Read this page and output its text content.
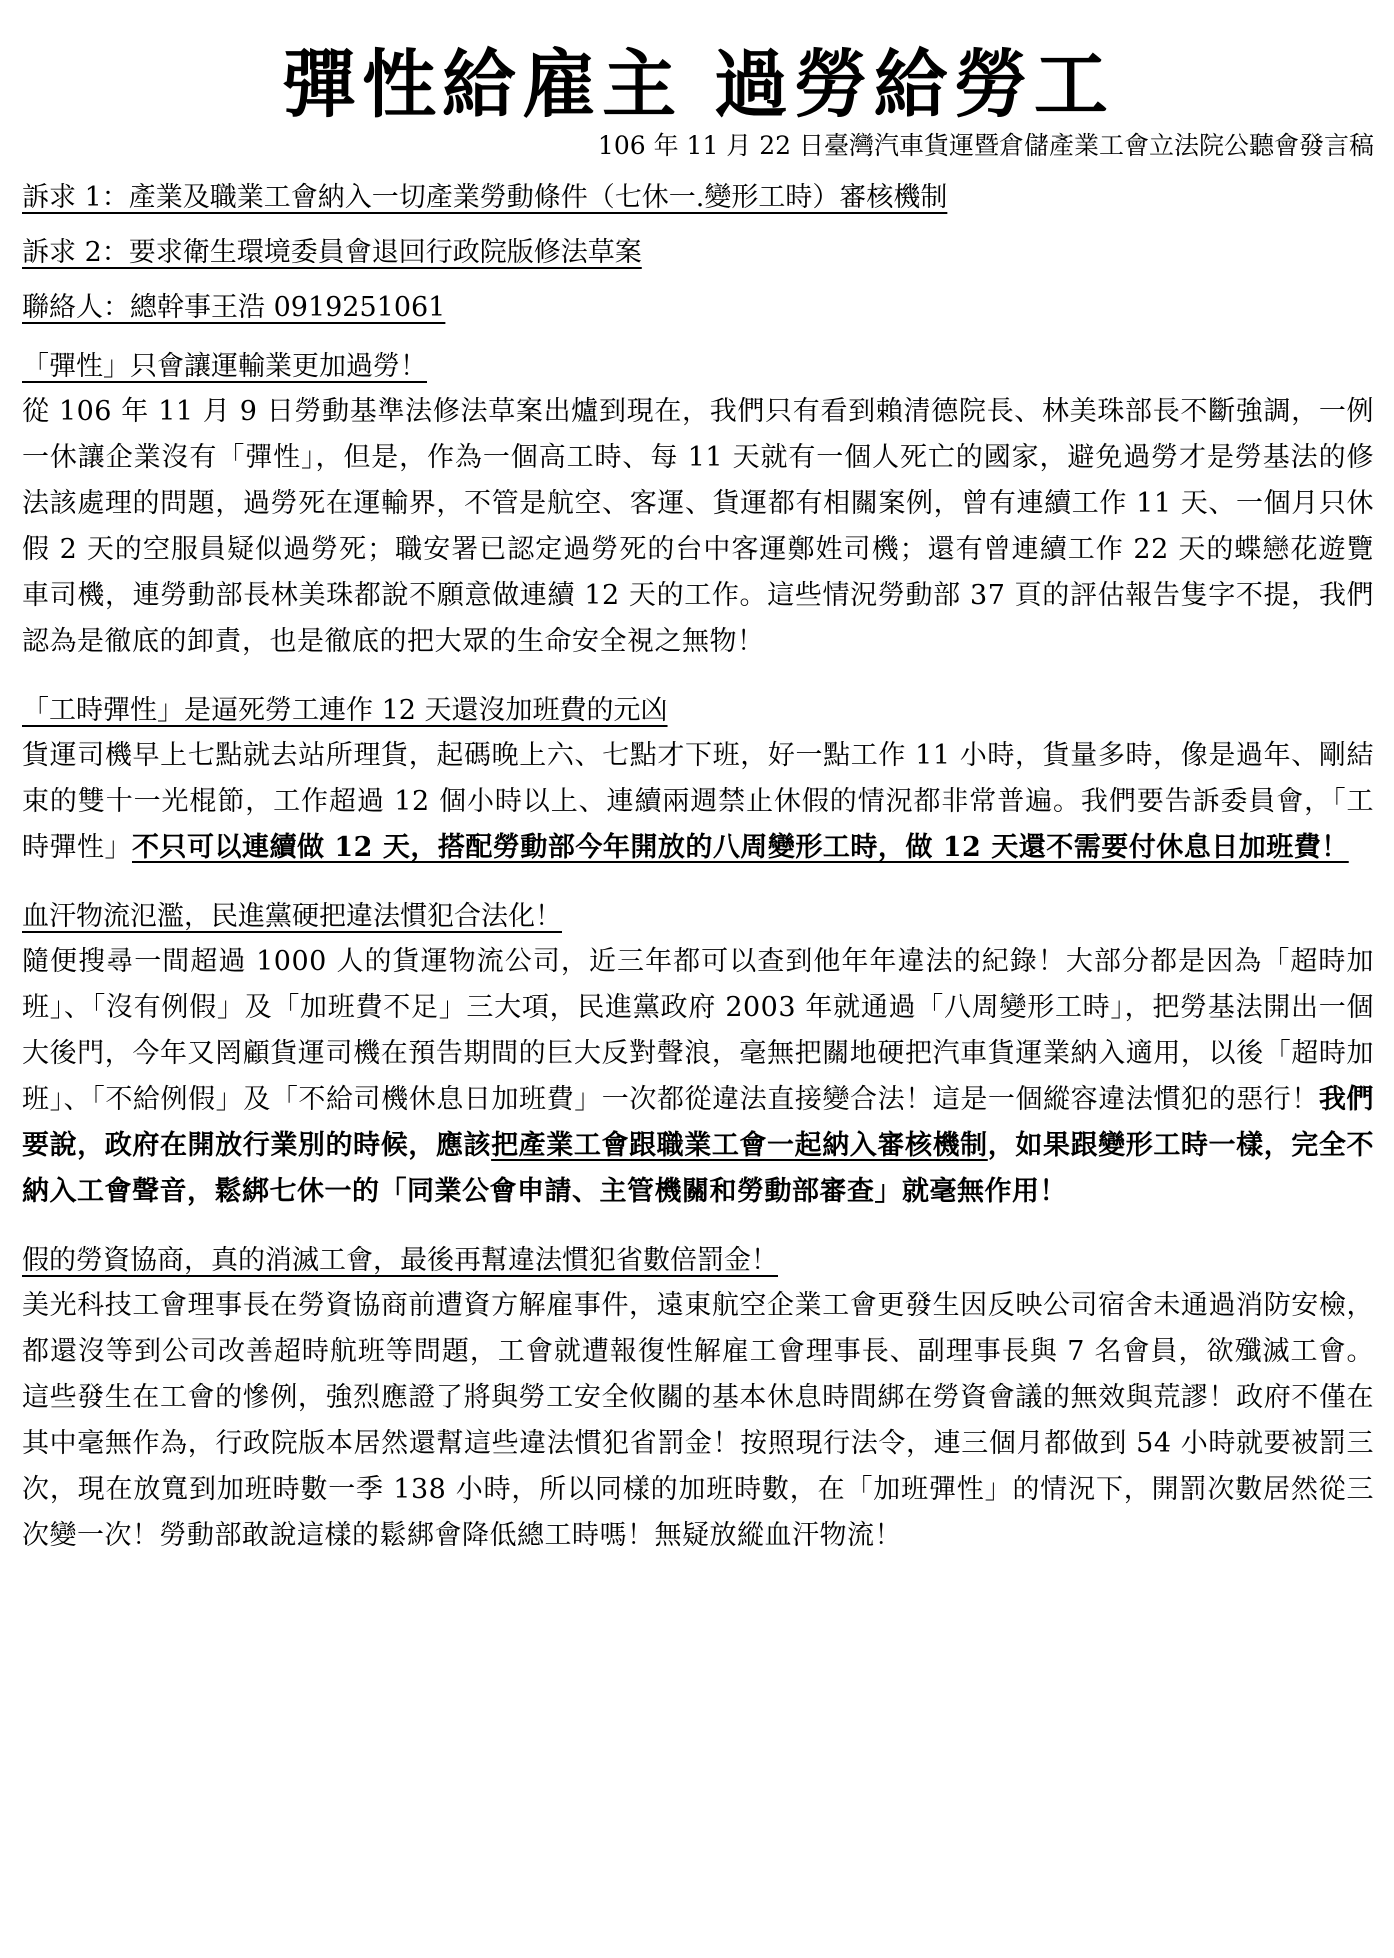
彈性給雇主 過勞給勞工
106 年 11 月 22 日臺灣汽車貨運暨倉儲產業工會立法院公聽會發言稿
訴求 1：產業及職業工會納入一切產業勞動條件（七休一.變形工時）審核機制
訴求 2：要求衛生環境委員會退回行政院版修法草案
聯絡人：總幹事王浩 0919251061
「彈性」只會讓運輸業更加過勞！

從 106 年 11 月 9 日勞動基準法修法草案出爐到現在，我們只有看到賴清德院長、林美珠部長不斷強調，一例一休讓企業沒有「彈性」，但是，作為一個高工時、每 11 天就有一個人死亡的國家，避免過勞才是勞基法的修法該處理的問題，過勞死在運輸界，不管是航空、客運、貨運都有相關案例，曾有連續工作 11 天、一個月只休假 2 天的空服員疑似過勞死；職安署已認定過勞死的台中客運鄭姓司機；還有曾連續工作 22 天的蝶戀花遊覽車司機，連勞動部長林美珠都說不願意做連續 12 天的工作。這些情況勞動部 37 頁的評估報告隻字不提，我們認為是徹底的卸責，也是徹底的把大眾的生命安全視之無物！

「工時彈性」是逼死勞工連作 12 天還沒加班費的元凶

貨運司機早上七點就去站所理貨，起碼晚上六、七點才下班，好一點工作 11 小時，貨量多時，像是過年、剛結束的雙十一光棍節，工作超過 12 個小時以上、連續兩週禁止休假的情況都非常普遍。我們要告訴委員會，「工時彈性」不只可以連續做 12 天，搭配勞動部今年開放的八周變形工時，做 12 天還不需要付休息日加班費！

血汗物流氾濫，民進黨硬把違法慣犯合法化！

隨便搜尋一間超過 1000 人的貨運物流公司，近三年都可以查到他年年違法的紀錄！大部分都是因為「超時加班」、「沒有例假」及「加班費不足」三大項，民進黨政府 2003 年就通過「八周變形工時」，把勞基法開出一個大後門，今年又罔顧貨運司機在預告期間的巨大反對聲浪，毫無把關地硬把汽車貨運業納入適用，以後「超時加班」、「不給例假」及「不給司機休息日加班費」一次都從違法直接變合法！這是一個縱容違法慣犯的惡行！我們要說，政府在開放行業別的時候，應該把產業工會跟職業工會一起納入審核機制，如果跟變形工時一樣，完全不納入工會聲音，鬆綁七休一的「同業公會申請、主管機關和勞動部審查」就毫無作用！

假的勞資協商，真的消滅工會，最後再幫違法慣犯省數倍罰金！

美光科技工會理事長在勞資協商前遭資方解雇事件，遠東航空企業工會更發生因反映公司宿舍未通過消防安檢，都還沒等到公司改善超時航班等問題，工會就遭報復性解雇工會理事長、副理事長與 7 名會員，欲殲滅工會。這些發生在工會的慘例，強烈應證了將與勞工安全攸關的基本休息時間綁在勞資會議的無效與荒謬！政府不僅在其中毫無作為，行政院版本居然還幫這些違法慣犯省罰金！按照現行法令，連三個月都做到 54 小時就要被罰三次，現在放寬到加班時數一季 138 小時，所以同樣的加班時數，在「加班彈性」的情況下，開罰次數居然從三次變一次！勞動部敢說這樣的鬆綁會降低總工時嗎！無疑放縱血汗物流！
